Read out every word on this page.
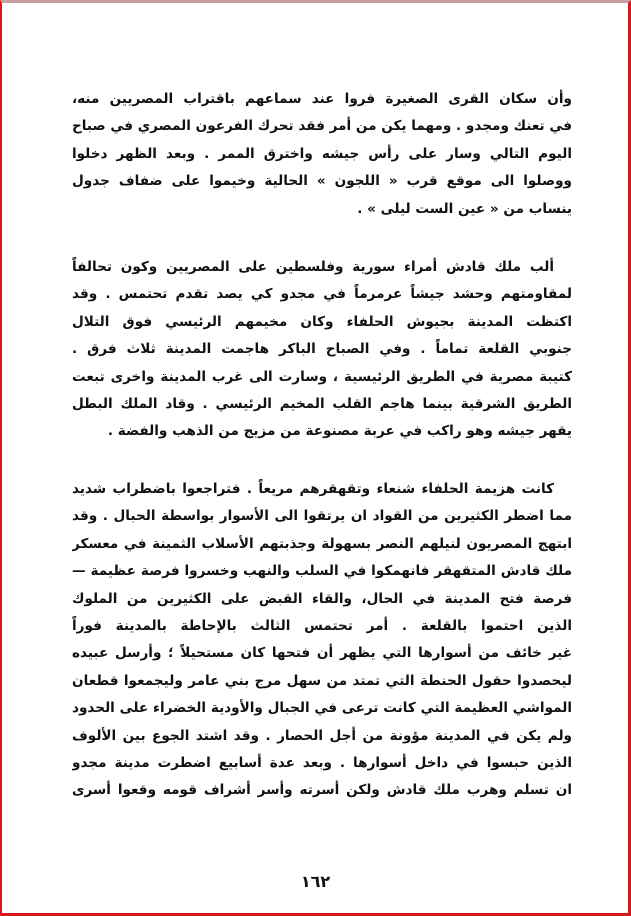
وأن سكان القرى الصغيرة فروا عند سماعهم باقتراب المصريين منه،
في تعنك ومجدو . ومهما يكن من أمر فقد تحرك الفرعون المصري في صباح
اليوم التالي وسار على رأس جيشه واخترق الممر . وبعد الظهر دخلوا
ووصلوا الى موقع قرب « اللجون » الحالية وخيموا على ضفاف جدول
ينساب من « عين الست ليلى » .
ألب ملك قادش أمراء سورية وفلسطين على المصريين وكون تحالفاً
لمقاومتهم وحشد جيشاً عرمرماً في مجدو كي يصد تقدم تحتمس . وقد
اكتظت المدينة بجيوش الحلفاء وكان مخيمهم الرئيسي فوق التلال
جنوبي القلعة تماماً . وفي الصباح الباكر هاجمت المدينة ثلاث فرق .
كتيبة مصرية في الطريق الرئيسية ، وسارت الى غرب المدينة واخرى تبعت
الطريق الشرقية بينما هاجم القلب المخيم الرئيسي . وقاد الملك البطل
يقهر جيشه وهو راكب في عربة مصنوعة من مزيج من الذهب والفضة .
كانت هزيمة الحلفاء شنعاء وتقهقرهم مريعاً . فتراجعوا باضطراب شديد
مما اضطر الكثيرين من القواد ان يرتقوا الى الأسوار بواسطة الحبال . وقد
ابتهج المصريون لنيلهم النصر بسهولة وجذبتهم الأسلاب الثمينة في معسكر
ملك قادش المتقهقر فانهمكوا في السلب والنهب وخسروا فرصة عظيمة —
فرصة فتح المدينة في الحال، والقاء القبض على الكثيرين من الملوك
الذين احتموا بالقلعة . أمر تحتمس الثالث بالإحاطة بالمدينة فوراً
غير خائف من أسوارها التي يظهر أن فتحها كان مستحيلاً ؛ وأرسل عبيده
ليحصدوا حقول الحنطة التي تمتد من سهل مرج بني عامر وليجمعوا قطعان
المواشي العظيمة التي كانت ترعى في الجبال والأودية الخضراء على الحدود
ولم يكن في المدينة مؤونة من أجل الحصار . وقد اشتد الجوع بين الألوف
الذين حبسوا في داخل أسوارها . وبعد عدة أسابيع اضطرت مدينة مجدو
ان تسلم وهرب ملك قادش ولكن أسرته وأسر أشراف قومه وقعوا أسرى
١٦٢
